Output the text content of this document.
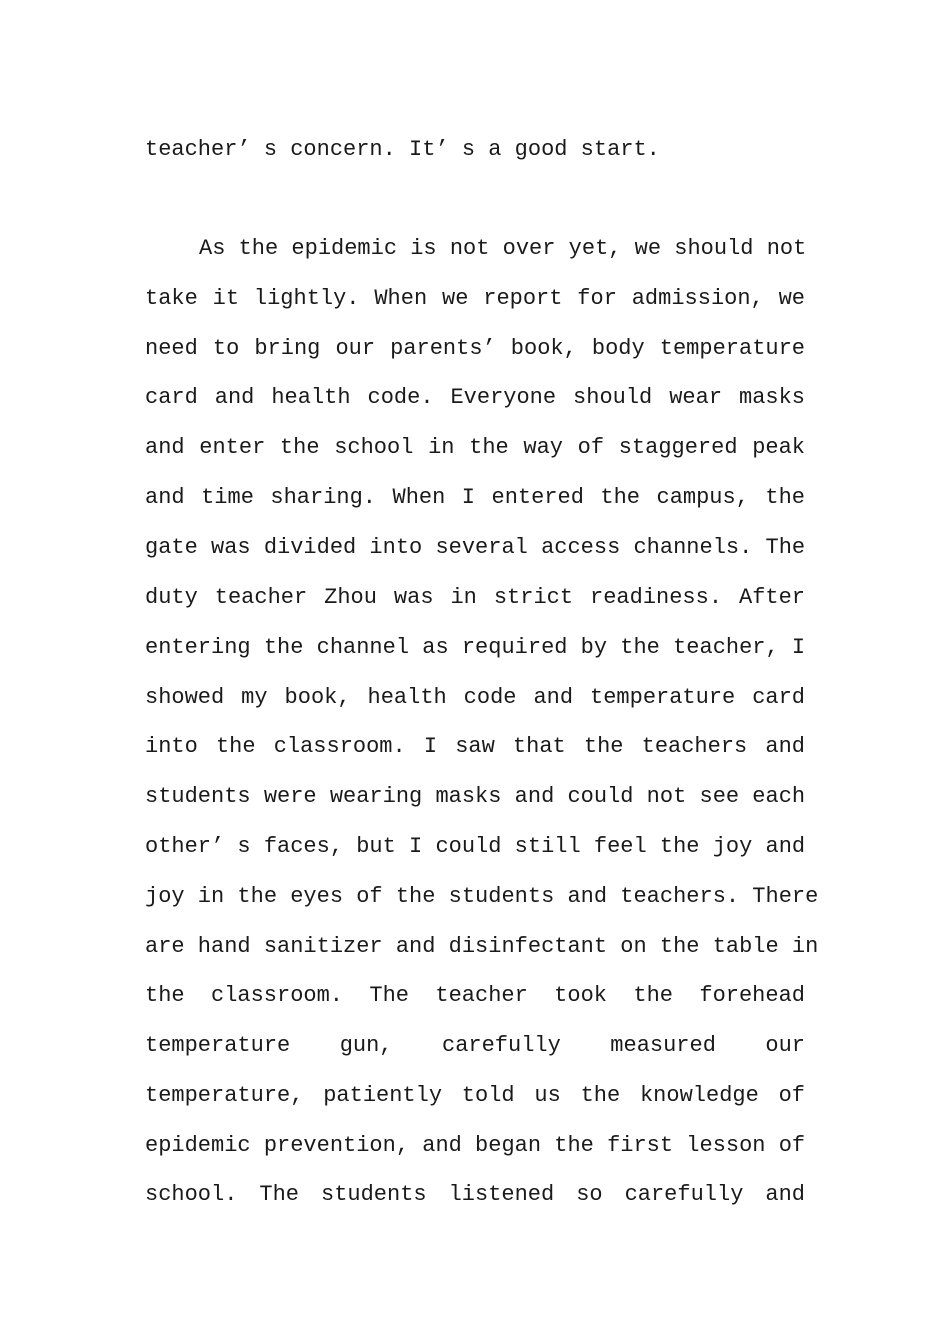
teacher’ s concern. It’ s a good start.
As the epidemic is not over yet, we should not
take it lightly. When we report for admission, we
need to bring our parents’ book, body temperature
card and health code. Everyone should wear masks
and enter the school in the way of staggered peak
and time sharing. When I entered the campus, the
gate was divided into several access channels. The
duty teacher Zhou was in strict readiness. After
entering the channel as required by the teacher, I
showed my book, health code and temperature card
into the classroom. I saw that the teachers and
students were wearing masks and could not see each
other’ s faces, but I could still feel the joy and
joy in the eyes of the students and teachers. There
are hand sanitizer and disinfectant on the table in
the classroom. The teacher took the forehead
temperature gun, carefully measured our
temperature, patiently told us the knowledge of
epidemic prevention, and began the first lesson of
school. The students listened so carefully and
